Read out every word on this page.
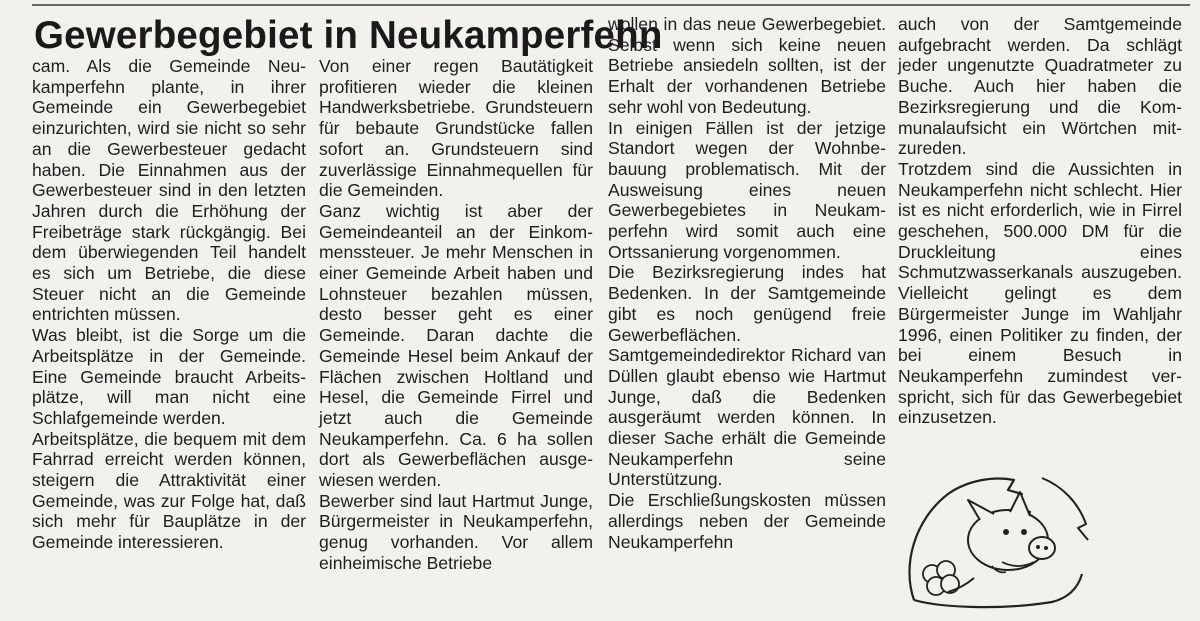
Gewerbegebiet in Neukamperfehn

cam. Als die Gemeinde Neukamperfehn plante, in ihrer Gemeinde ein Gewerbegebiet einzurichten, wird sie nicht so sehr an die Gewerbesteuer gedacht haben. Die Einnahmen aus der Gewerbesteuer sind in den letzten Jahren durch die Erhöhung der Freibeträge stark rückgängig. Bei dem überwiegenden Teil handelt es sich um Betriebe, die diese Steuer nicht an die Gemeinde entrichten müssen.

Was bleibt, ist die Sorge um die Arbeitsplätze in der Gemeinde. Eine Gemeinde braucht Arbeitsplätze, will man nicht eine Schlafgemeinde werden.

Arbeitsplätze, die bequem mit dem Fahrrad erreicht werden können, steigern die Attraktivität einer Gemeinde, was zur Folge hat, daß sich mehr für Bauplätze in der Gemeinde interessieren.

Von einer regen Bautätigkeit profitieren wieder die kleinen Handwerksbetriebe. Grundsteuern für bebaute Grundstücke fallen sofort an. Grundsteuern sind zuverlässige Einnahmequellen für die Gemeinden.

Ganz wichtig ist aber der Gemeindeanteil an der Einkommenssteuer. Je mehr Menschen in einer Gemeinde Arbeit haben und Lohnsteuer bezahlen müssen, desto besser geht es einer Gemeinde. Daran dachte die Gemeinde Hesel beim Ankauf der Flächen zwischen Holtland und Hesel, die Gemeinde Firrel und jetzt auch die Gemeinde Neukamperfehn. Ca. 6 ha sollen dort als Gewerbeflächen ausgewiesen werden.

Bewerber sind laut Hartmut Junge, Bürgermeister in Neukamperfehn, genug vorhanden. Vor allem einheimische Betriebe

wollen in das neue Gewerbegebiet. Selbst wenn sich keine neuen Betriebe ansiedeln sollten, ist der Erhalt der vorhandenen Betriebe sehr wohl von Bedeutung.

In einigen Fällen ist der jetzige Standort wegen der Wohnbebauung problematisch. Mit der Ausweisung eines neuen Gewerbegebietes in Neukamperfehn wird somit auch eine Ortssanierung vorgenommen.

Die Bezirksregierung indes hat Bedenken. In der Samtgemeinde gibt es noch genügend freie Gewerbeflächen.

Samtgemeindedirektor Richard van Düllen glaubt ebenso wie Hartmut Junge, daß die Bedenken ausgeräumt werden können. In dieser Sache erhält die Gemeinde Neukamperfehn seine Unterstützung.

Die Erschließungskosten müssen allerdings neben der Gemeinde Neukamperfehn

auch von der Samtgemeinde aufgebracht werden. Da schlägt jeder ungenutzte Quadratmeter zu Buche. Auch hier haben die Bezirksregierung und die Kommunalaufsicht ein Wörtchen mitzureden.

Trotzdem sind die Aussichten in Neukamperfehn nicht schlecht. Hier ist es nicht erforderlich, wie in Firrel geschehen, 500.000 DM für die Druckleitung eines Schmutzwasserkanals auszugeben. Vielleicht gelingt es dem Bürgermeister Junge im Wahljahr 1996, einen Politiker zu finden, der bei einem Besuch in Neukamperfehn zumindest verspricht, sich für das Gewerbegebiet einzusetzen.
